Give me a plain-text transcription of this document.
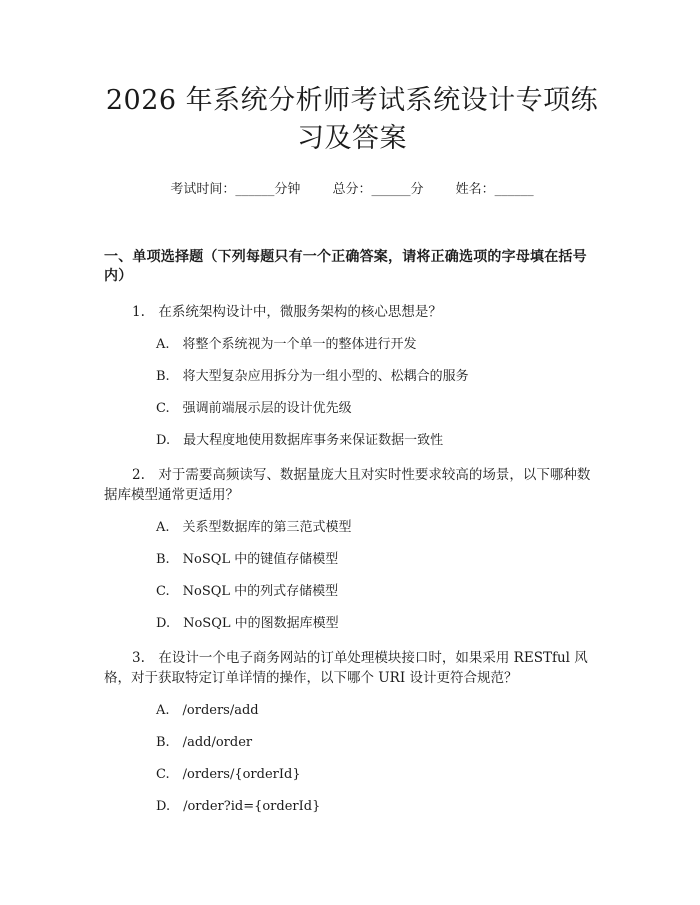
2026 年系统分析师考试系统设计专项练习及答案
考试时间：______分钟 总分：______分 姓名：______
一、单项选择题（下列每题只有一个正确答案，请将正确选项的字母填在括号内）

1.　在系统架构设计中，微服务架构的核心思想是？

A.　将整个系统视为一个单一的整体进行开发
B.　将大型复杂应用拆分为一组小型的、松耦合的服务
C.　强调前端展示层的设计优先级
D.　最大程度地使用数据库事务来保证数据一致性

2.　对于需要高频读写、数据量庞大且对实时性要求较高的场景，以下哪种数据库模型通常更适用？

A.　关系型数据库的第三范式模型
B.　NoSQL 中的键值存储模型
C.　NoSQL 中的列式存储模型
D.　NoSQL 中的图数据库模型

3.　在设计一个电子商务网站的订单处理模块接口时，如果采用 RESTful 风格，对于获取特定订单详情的操作，以下哪个 URI 设计更符合规范？

A.　/orders/add
B.　/add/order
C.　/orders/{orderId}
D.　/order?id={orderId}
